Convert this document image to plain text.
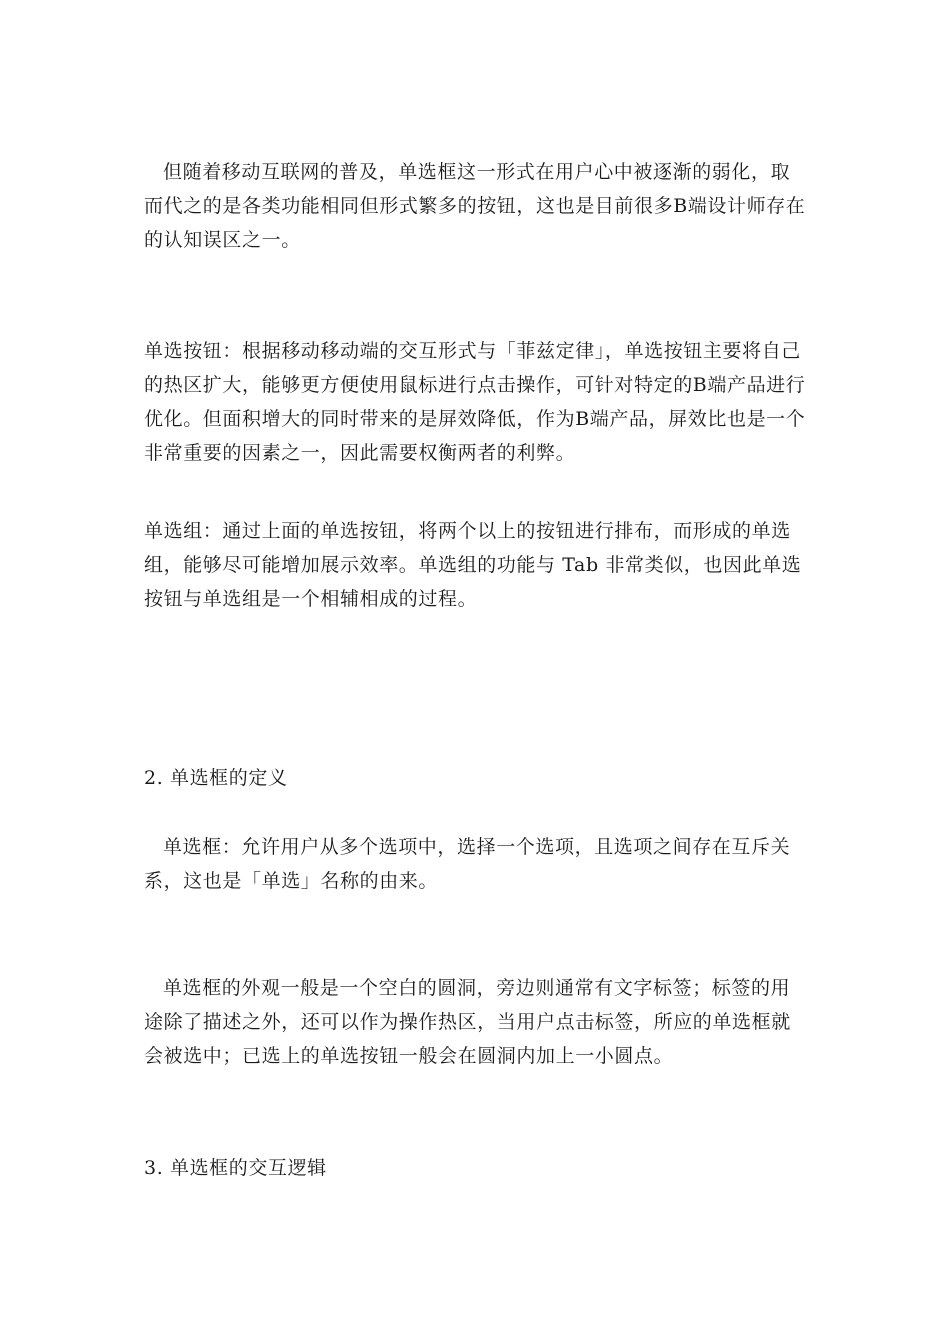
但随着移动互联网的普及，单选框这一形式在用户心中被逐渐的弱化，取而代之的是各类功能相同但形式繁多的按钮，这也是目前很多B端设计师存在的认知误区之一。

单选按钮：根据移动移动端的交互形式与「菲兹定律」，单选按钮主要将自己的热区扩大，能够更方便使用鼠标进行点击操作，可针对特定的B端产品进行优化。但面积增大的同时带来的是屏效降低，作为B端产品，屏效比也是一个非常重要的因素之一，因此需要权衡两者的利弊。

单选组：通过上面的单选按钮，将两个以上的按钮进行排布，而形成的单选组，能够尽可能增加展示效率。单选组的功能与 Tab 非常类似，也因此单选按钮与单选组是一个相辅相成的过程。

2. 单选框的定义

单选框：允许用户从多个选项中，选择一个选项，且选项之间存在互斥关系，这也是「单选」名称的由来。

单选框的外观一般是一个空白的圆洞，旁边则通常有文字标签；标签的用途除了描述之外，还可以作为操作热区，当用户点击标签，所应的单选框就会被选中；已选上的单选按钮一般会在圆洞内加上一小圆点。

3. 单选框的交互逻辑
